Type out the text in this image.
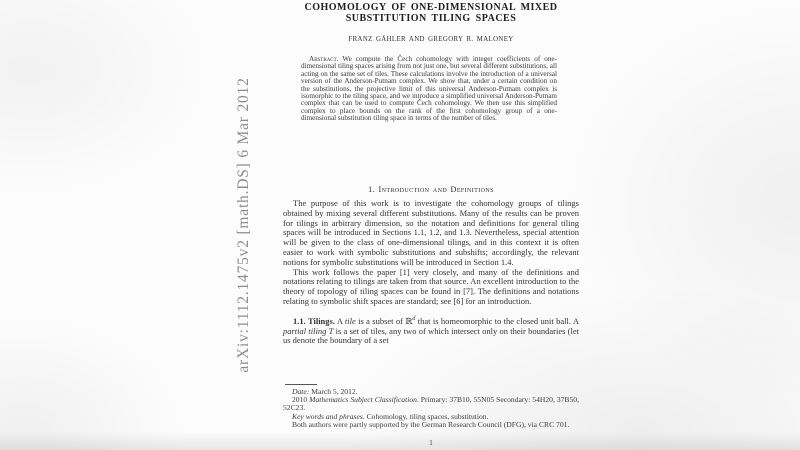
arXiv:1112.1475v2 [math.DS] 6 Mar 2012
COHOMOLOGY OF ONE-DIMENSIONAL MIXED
SUBSTITUTION TILING SPACES
FRANZ GÄHLER AND GREGORY R. MALONEY
Abstract. We compute the Čech cohomology with integer coefficients of one-dimensional tiling spaces arising from not just one, but several different substitutions, all acting on the same set of tiles. These calculations involve the introduction of a universal version of the Anderson-Putnam complex. We show that, under a certain condition on the substitutions, the projective limit of this universal Anderson-Putnam complex is isomorphic to the tiling space, and we introduce a simplified universal Anderson-Putnam complex that can be used to compute Čech cohomology. We then use this simplified complex to place bounds on the rank of the first cohomology group of a one-dimensional substitution tiling space in terms of the number of tiles.
1. Introduction and Definitions

The purpose of this work is to investigate the cohomology groups of tilings obtained by mixing several different substitutions. Many of the results can be proven for tilings in arbitrary dimension, so the notation and definitions for general tiling spaces will be introduced in Sections 1.1, 1.2, and 1.3. Nevertheless, special attention will be given to the class of one-dimensional tilings, and in this context it is often easier to work with symbolic substitutions and subshifts; accordingly, the relevant notions for symbolic substitutions will be introduced in Section 1.4.

This work follows the paper [1] very closely, and many of the definitions and notations relating to tilings are taken from that source. An excellent introduction to the theory of topology of tiling spaces can be found in [7]. The definitions and notations relating to symbolic shift spaces are standard; see [6] for an introduction.

1.1. Tilings. A tile is a subset of ℝ$^d$ that is homeomorphic to the closed unit ball. A partial tiling T is a set of tiles, any two of which intersect only on their boundaries (let us denote the boundary of a set

Date: March 5, 2012.

2010 Mathematics Subject Classification. Primary: 37B10, 55N05 Secondary: 54H20, 37B50, 52C23.

Key words and phrases. Cohomology, tiling spaces, substitution.

Both authors were partly supported by the German Research Council (DFG), via CRC 701.

1
